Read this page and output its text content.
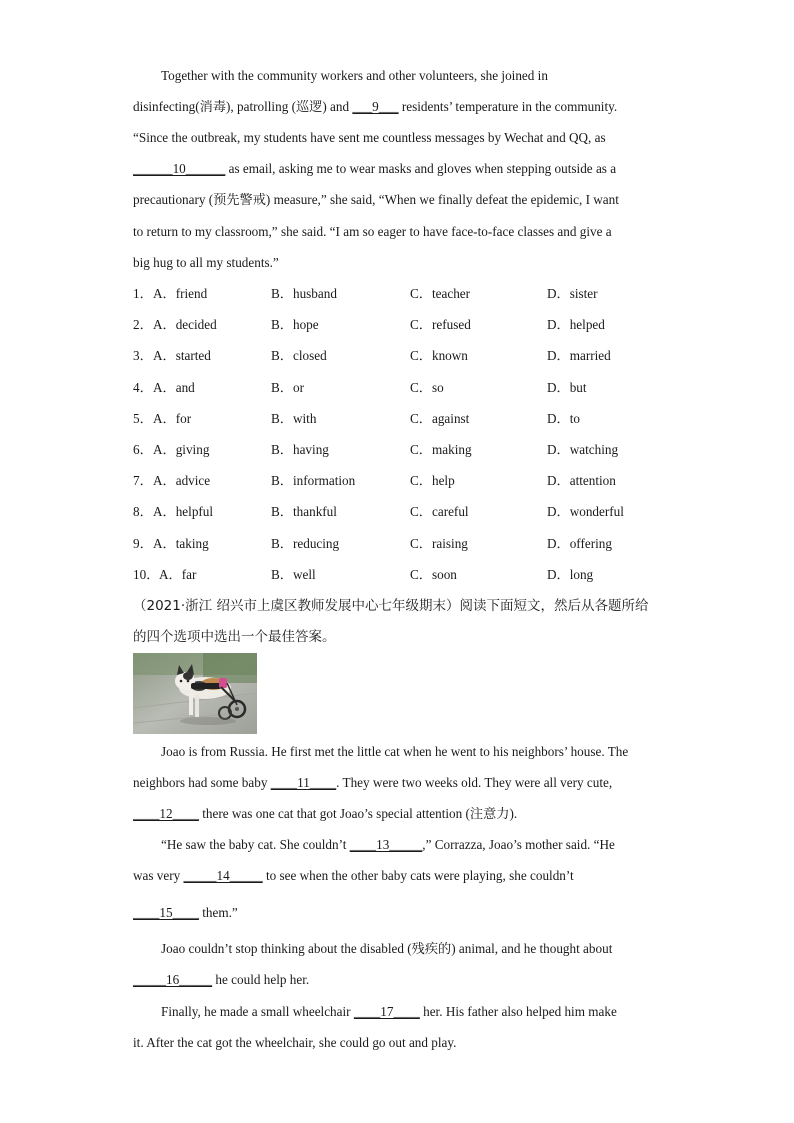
Together with the community workers and other volunteers, she joined in
disinfecting(消毒), patrolling (巡逻) and ___9___ residents’ temperature in the community.
“Since the outbreak, my students have sent me countless messages by Wechat and QQ, as
______10______ as email, asking me to wear masks and gloves when stepping outside as a
precautionary (预先警戒) measure,” she said, “When we finally defeat the epidemic, I want
to return to my classroom,” she said. “I am so eager to have face-to-face classes and give a
big hug to all my students.”
1． A．friend	B．husband	C．teacher	D．sister
2． A．decided	B．hope	C．refused	D．helped
3． A．started	B．closed	C．known	D．married
4． A．and	B．or	C．so	D．but
5． A．for	B．with	C．against	D．to
6． A．giving	B．having	C．making	D．watching
7． A．advice	B．information	C．help	D．attention
8． A．helpful	B．thankful	C．careful	D．wonderful
9． A．taking	B．reducing	C．raising	D．offering
10． A．far	B．well	C．soon	D．long
（2021·浙江 绍兴市上虞区教师发展中心七年级期末）阅读下面短文，然后从各题所给
的四个选项中选出一个最佳答案。
Joao is from Russia. He first met the little cat when he went to his neighbors’ house. The
neighbors had some baby ____11____. They were two weeks old. They were all very cute,
____12____ there was one cat that got Joao’s special attention (注意力).
“He saw the baby cat. She couldn’t ____13_____,” Corrazza, Joao’s mother said. “He
was very _____14_____ to see when the other baby cats were playing, she couldn’t
____15____ them.”
Joao couldn’t stop thinking about the disabled (残疾的) animal, and he thought about
_____16_____ he could help her.
Finally, he made a small wheelchair ____17____ her. His father also helped him make
it. After the cat got the wheelchair, she could go out and play.
